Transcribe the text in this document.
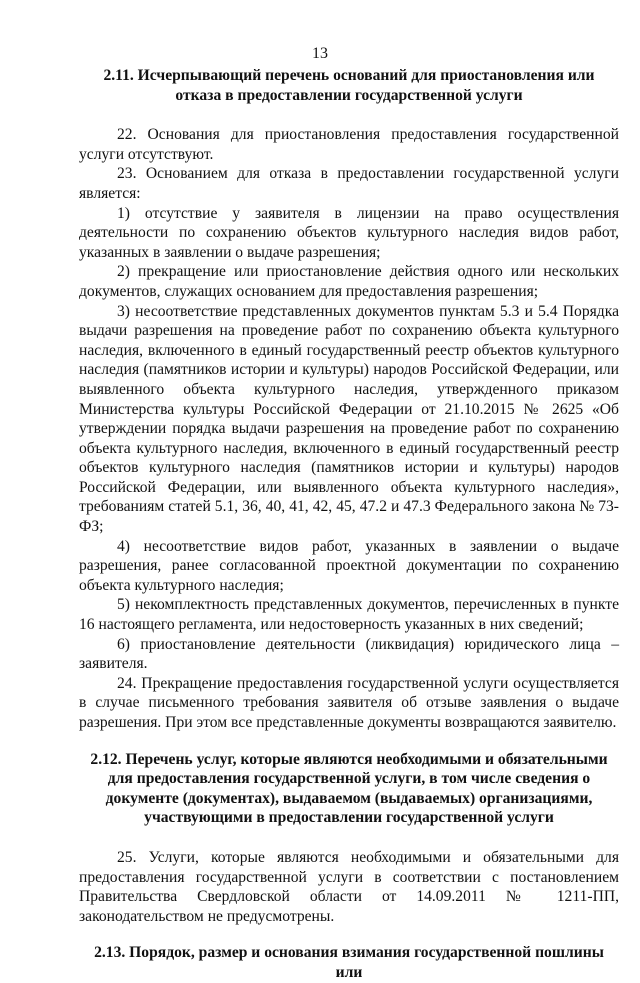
13
2.11. Исчерпывающий перечень оснований для приостановления или отказа в предоставлении государственной услуги

22. Основания для приостановления предоставления государственной услуги отсутствуют.

23. Основанием для отказа в предоставлении государственной услуги является:

1) отсутствие у заявителя в лицензии на право осуществления деятельности по сохранению объектов культурного наследия видов работ, указанных в заявлении о выдаче разрешения;

2) прекращение или приостановление действия одного или нескольких документов, служащих основанием для предоставления разрешения;

3) несоответствие представленных документов пунктам 5.3 и 5.4 Порядка выдачи разрешения на проведение работ по сохранению объекта культурного наследия, включенного в единый государственный реестр объектов культурного наследия (памятников истории и культуры) народов Российской Федерации, или выявленного объекта культурного наследия, утвержденного приказом Министерства культуры Российской Федерации от 21.10.2015 № 2625 «Об утверждении порядка выдачи разрешения на проведение работ по сохранению объекта культурного наследия, включенного в единый государственный реестр объектов культурного наследия (памятников истории и культуры) народов Российской Федерации, или выявленного объекта культурного наследия», требованиям статей 5.1, 36, 40, 41, 42, 45, 47.2 и 47.3 Федерального закона № 73-ФЗ;

4) несоответствие видов работ, указанных в заявлении о выдаче разрешения, ранее согласованной проектной документации по сохранению объекта культурного наследия;

5) некомплектность представленных документов, перечисленных в пункте 16 настоящего регламента, или недостоверность указанных в них сведений;

6) приостановление деятельности (ликвидация) юридического лица – заявителя.

24. Прекращение предоставления государственной услуги осуществляется в случае письменного требования заявителя об отзыве заявления о выдаче разрешения. При этом все представленные документы возвращаются заявителю.

2.12. Перечень услуг, которые являются необходимыми и обязательными для предоставления государственной услуги, в том числе сведения о документе (документах), выдаваемом (выдаваемых) организациями, участвующими в предоставлении государственной услуги

25. Услуги, которые являются необходимыми и обязательными для предоставления государственной услуги в соответствии с постановлением Правительства Свердловской области от 14.09.2011 № 1211-ПП, законодательством не предусмотрены.

2.13. Порядок, размер и основания взимания государственной пошлины или
